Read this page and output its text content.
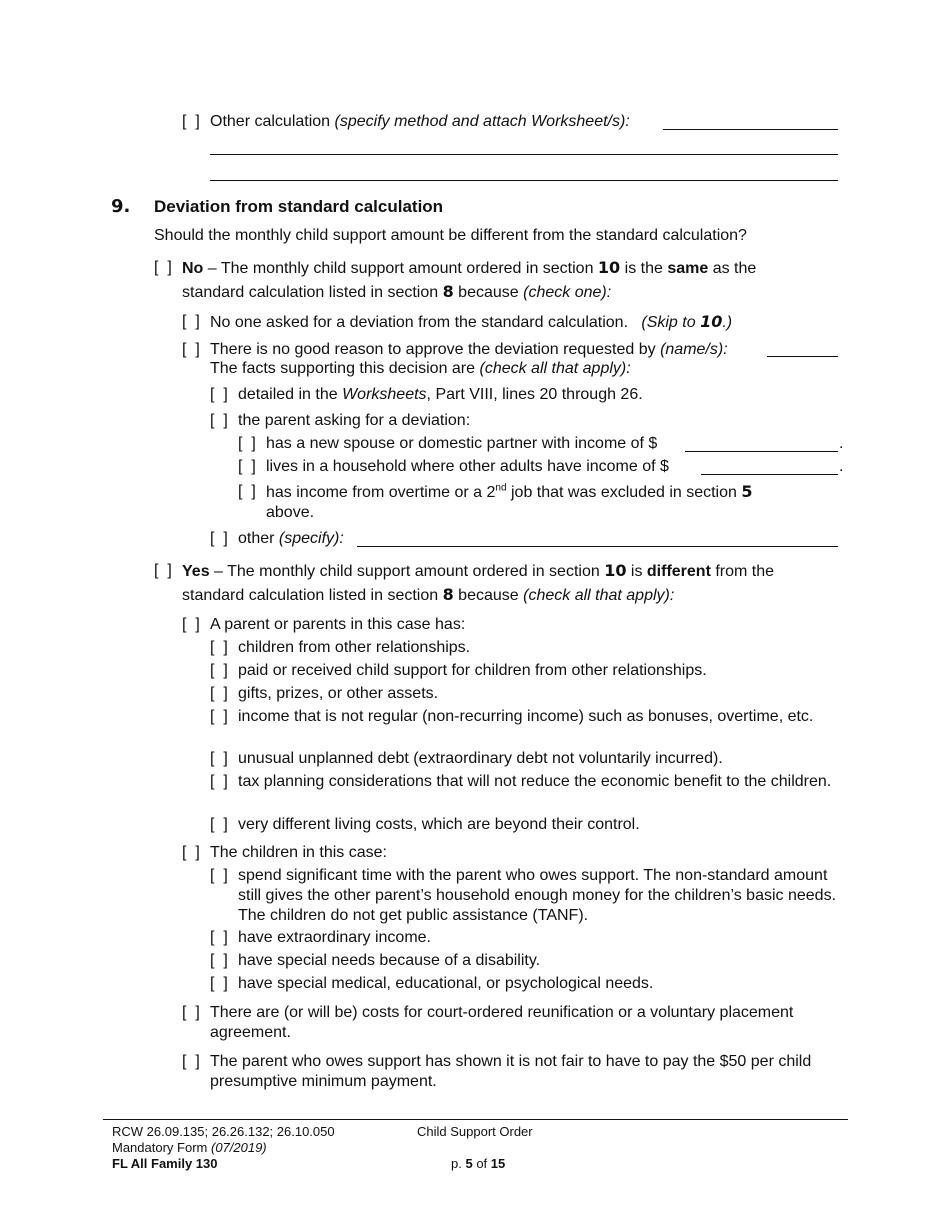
[  ] Other calculation (specify method and attach Worksheet/s):
9. Deviation from standard calculation
Should the monthly child support amount be different from the standard calculation?
[  ] No – The monthly child support amount ordered in section 10 is the same as the
standard calculation listed in section 8 because (check one):
[  ] No one asked for a deviation from the standard calculation. (Skip to 10.)
[  ] There is no good reason to approve the deviation requested by (name/s):
The facts supporting this decision are (check all that apply):
[  ] detailed in the Worksheets, Part VIII, lines 20 through 26.
[  ] the parent asking for a deviation:
[  ] has a new spouse or domestic partner with income of $	.
[  ] lives in a household where other adults have income of $	.
[  ] has income from overtime or a 2nd job that was excluded in section 5
above.
[  ] other (specify):
[  ] Yes – The monthly child support amount ordered in section 10 is different from the
standard calculation listed in section 8 because (check all that apply):
[  ] A parent or parents in this case has:
[  ] children from other relationships.
[  ] paid or received child support for children from other relationships.
[  ] gifts, prizes, or other assets.
[  ] income that is not regular (non-recurring income) such as bonuses, overtime, etc.
[  ] unusual unplanned debt (extraordinary debt not voluntarily incurred).
[  ] tax planning considerations that will not reduce the economic benefit to the children.
[  ] very different living costs, which are beyond their control.
[  ] The children in this case:
[  ] spend significant time with the parent who owes support. The non-standard amount still gives the other parent’s household enough money for the children’s basic needs. The children do not get public assistance (TANF).
[  ] have extraordinary income.
[  ] have special needs because of a disability.
[  ] have special medical, educational, or psychological needs.
[  ] There are (or will be) costs for court-ordered reunification or a voluntary placement agreement.
[  ] The parent who owes support has shown it is not fair to have to pay the $50 per child presumptive minimum payment.
RCW 26.09.135; 26.26.132; 26.10.050
Mandatory Form (07/2019)
FL All Family 130
Child Support Order
p. 5 of 15
